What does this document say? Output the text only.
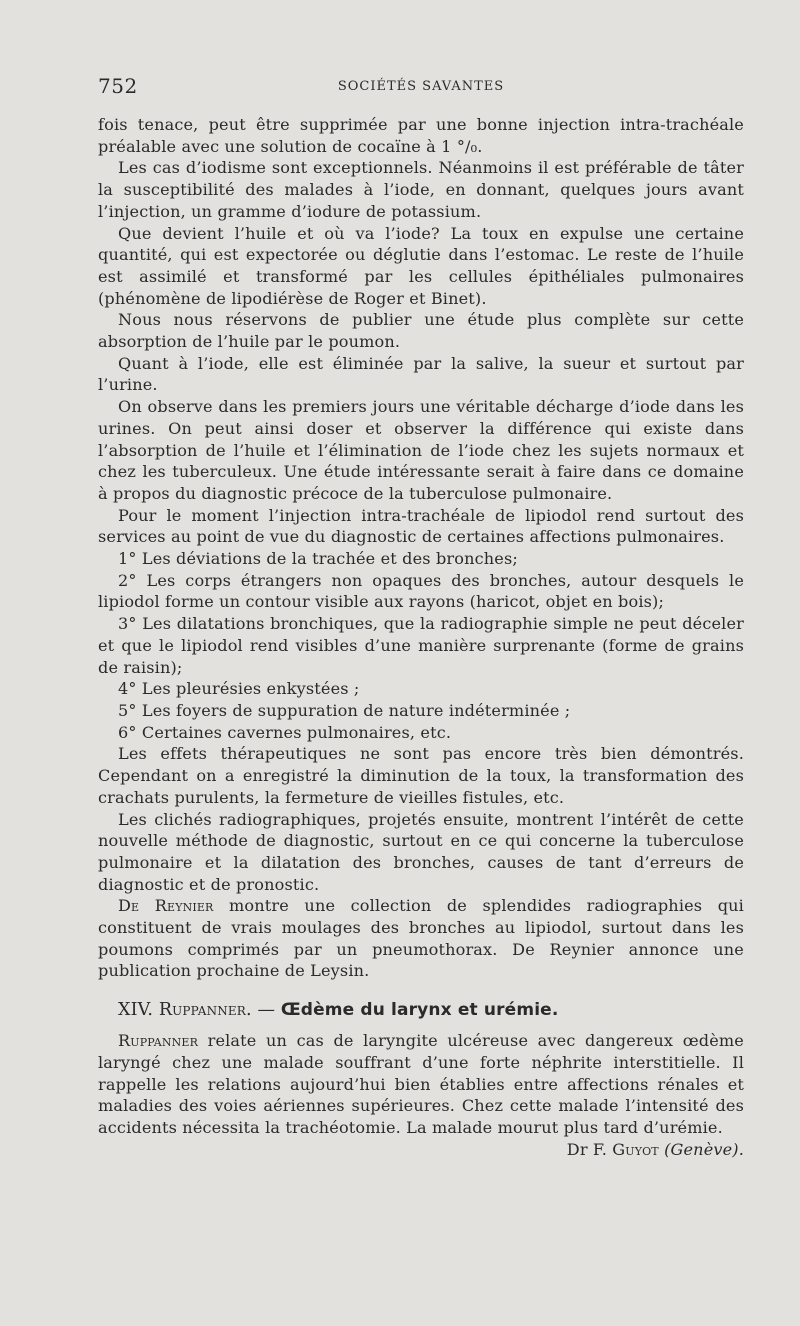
752	SOCIÉTÉS SAVANTES

fois tenace, peut être supprimée par une bonne injection intra-trachéale préalable avec une solution de cocaïne à 1 °/₀.

Les cas d’iodisme sont exceptionnels. Néanmoins il est préférable de tâter la susceptibilité des malades à l’iode, en donnant, quelques jours avant l’injection, un gramme d’iodure de potassium.

Que devient l’huile et où va l’iode? La toux en expulse une certaine quantité, qui est expectorée ou déglutie dans l’estomac. Le reste de l’huile est assimilé et transformé par les cellules épithéliales pulmonaires (phénomène de lipodiérèse de Roger et Binet).

Nous nous réservons de publier une étude plus complète sur cette absorption de l’huile par le poumon.

Quant à l’iode, elle est éliminée par la salive, la sueur et surtout par l’urine.

On observe dans les premiers jours une véritable décharge d’iode dans les urines. On peut ainsi doser et observer la différence qui existe dans l’absorption de l’huile et l’élimination de l’iode chez les sujets normaux et chez les tuberculeux. Une étude intéressante serait à faire dans ce domaine à propos du diagnostic précoce de la tuberculose pulmonaire.

Pour le moment l’injection intra-trachéale de lipiodol rend surtout des services au point de vue du diagnostic de certaines affections pulmonaires.

1° Les déviations de la trachée et des bronches;

2° Les corps étrangers non opaques des bronches, autour desquels le lipiodol forme un contour visible aux rayons (haricot, objet en bois);

3° Les dilatations bronchiques, que la radiographie simple ne peut déceler et que le lipiodol rend visibles d’une manière surprenante (forme de grains de raisin);

4° Les pleurésies enkystées ;

5° Les foyers de suppuration de nature indéterminée ;

6° Certaines cavernes pulmonaires, etc.

Les effets thérapeutiques ne sont pas encore très bien démontrés. Cependant on a enregistré la diminution de la toux, la transformation des crachats purulents, la fermeture de vieilles fistules, etc.

Les clichés radiographiques, projetés ensuite, montrent l’intérêt de cette nouvelle méthode de diagnostic, surtout en ce qui concerne la tuberculose pulmonaire et la dilatation des bronches, causes de tant d’erreurs de diagnostic et de pronostic.

De Reynier montre une collection de splendides radiographies qui constituent de vrais moulages des bronches au lipiodol, surtout dans les poumons comprimés par un pneumothorax. De Reynier annonce une publication prochaine de Leysin.

XIV. Ruppanner. — Œdème du larynx et urémie.

Ruppanner relate un cas de laryngite ulcéreuse avec dangereux œdème laryngé chez une malade souffrant d’une forte néphrite interstitielle. Il rappelle les relations aujourd’hui bien établies entre affections rénales et maladies des voies aériennes supérieures. Chez cette malade l’intensité des accidents nécessita la trachéotomie. La malade mourut plus tard d’urémie.
Dr F. Guyot (Genève).
